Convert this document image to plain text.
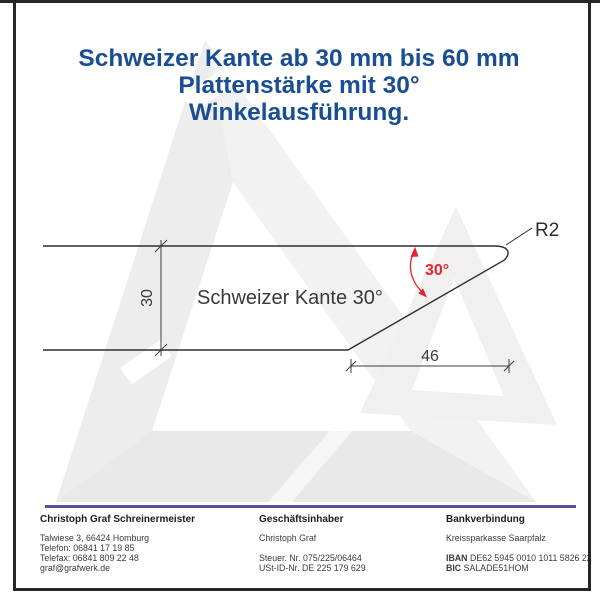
Schweizer Kante ab 30 mm bis 60 mm
Plattenstärke mit 30°
Winkelausführung.
30 Schweizer Kante 30°
46
R2
30°
Christoph Graf Schreinermeister
Talwiese 3, 66424 Homburg
Telefon: 06841 17 19 85
Telefax: 06841 809 22 48
graf@grafwerk.de
Geschäftsinhaber
Christoph Graf
Steuer. Nr. 075/225/06464
USt-ID-Nr. DE 225 179 629
Bankverbindung
Kreissparkasse Saarpfalz
IBAN DE62 5945 0010 1011 5826 22
BIC SALADE51HOM
